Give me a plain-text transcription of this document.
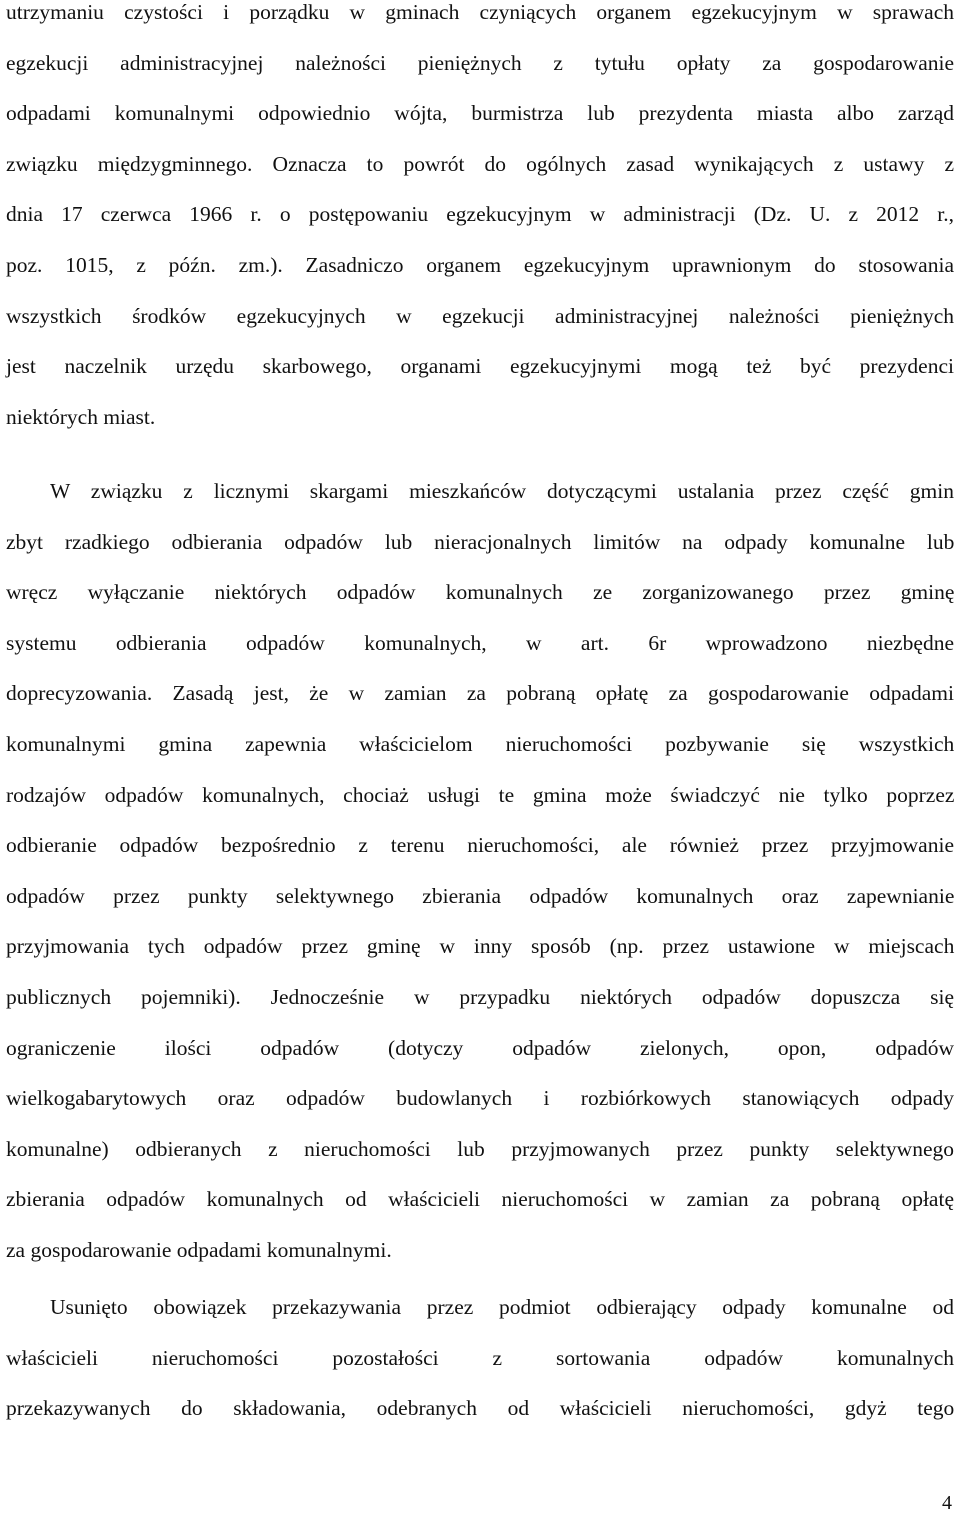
utrzymaniu czystości i porządku w gminach czyniących organem egzekucyjnym w sprawach
egzekucji administracyjnej należności pieniężnych z tytułu opłaty za gospodarowanie
odpadami komunalnymi odpowiednio wójta, burmistrza lub prezydenta miasta albo zarząd
związku międzygminnego. Oznacza to powrót do ogólnych zasad wynikających z ustawy z
dnia 17 czerwca 1966 r. o postępowaniu egzekucyjnym w administracji (Dz. U. z 2012 r.,
poz. 1015, z późn. zm.). Zasadniczo organem egzekucyjnym uprawnionym do stosowania
wszystkich środków egzekucyjnych w egzekucji administracyjnej należności pieniężnych
jest naczelnik urzędu skarbowego, organami egzekucyjnymi mogą też być prezydenci
niektórych miast.
W związku z licznymi skargami mieszkańców dotyczącymi ustalania przez część gmin
zbyt rzadkiego odbierania odpadów lub nieracjonalnych limitów na odpady komunalne lub
wręcz wyłączanie niektórych odpadów komunalnych ze zorganizowanego przez gminę
systemu odbierania odpadów komunalnych, w art. 6r wprowadzono niezbędne
doprecyzowania. Zasadą jest, że w zamian za pobraną opłatę za gospodarowanie odpadami
komunalnymi gmina zapewnia właścicielom nieruchomości pozbywanie się wszystkich
rodzajów odpadów komunalnych, chociaż usługi te gmina może świadczyć nie tylko poprzez
odbieranie odpadów bezpośrednio z terenu nieruchomości, ale również przez przyjmowanie
odpadów przez punkty selektywnego zbierania odpadów komunalnych oraz zapewnianie
przyjmowania tych odpadów przez gminę w inny sposób (np. przez ustawione w miejscach
publicznych pojemniki). Jednocześnie w przypadku niektórych odpadów dopuszcza się
ograniczenie ilości odpadów (dotyczy odpadów zielonych, opon, odpadów
wielkogabarytowych oraz odpadów budowlanych i rozbiórkowych stanowiących odpady
komunalne) odbieranych z nieruchomości lub przyjmowanych przez punkty selektywnego
zbierania odpadów komunalnych od właścicieli nieruchomości w zamian za pobraną opłatę
za gospodarowanie odpadami komunalnymi.
Usunięto obowiązek przekazywania przez podmiot odbierający odpady komunalne od
właścicieli nieruchomości pozostałości z sortowania odpadów komunalnych
przekazywanych do składowania, odebranych od właścicieli nieruchomości, gdyż tego
4
